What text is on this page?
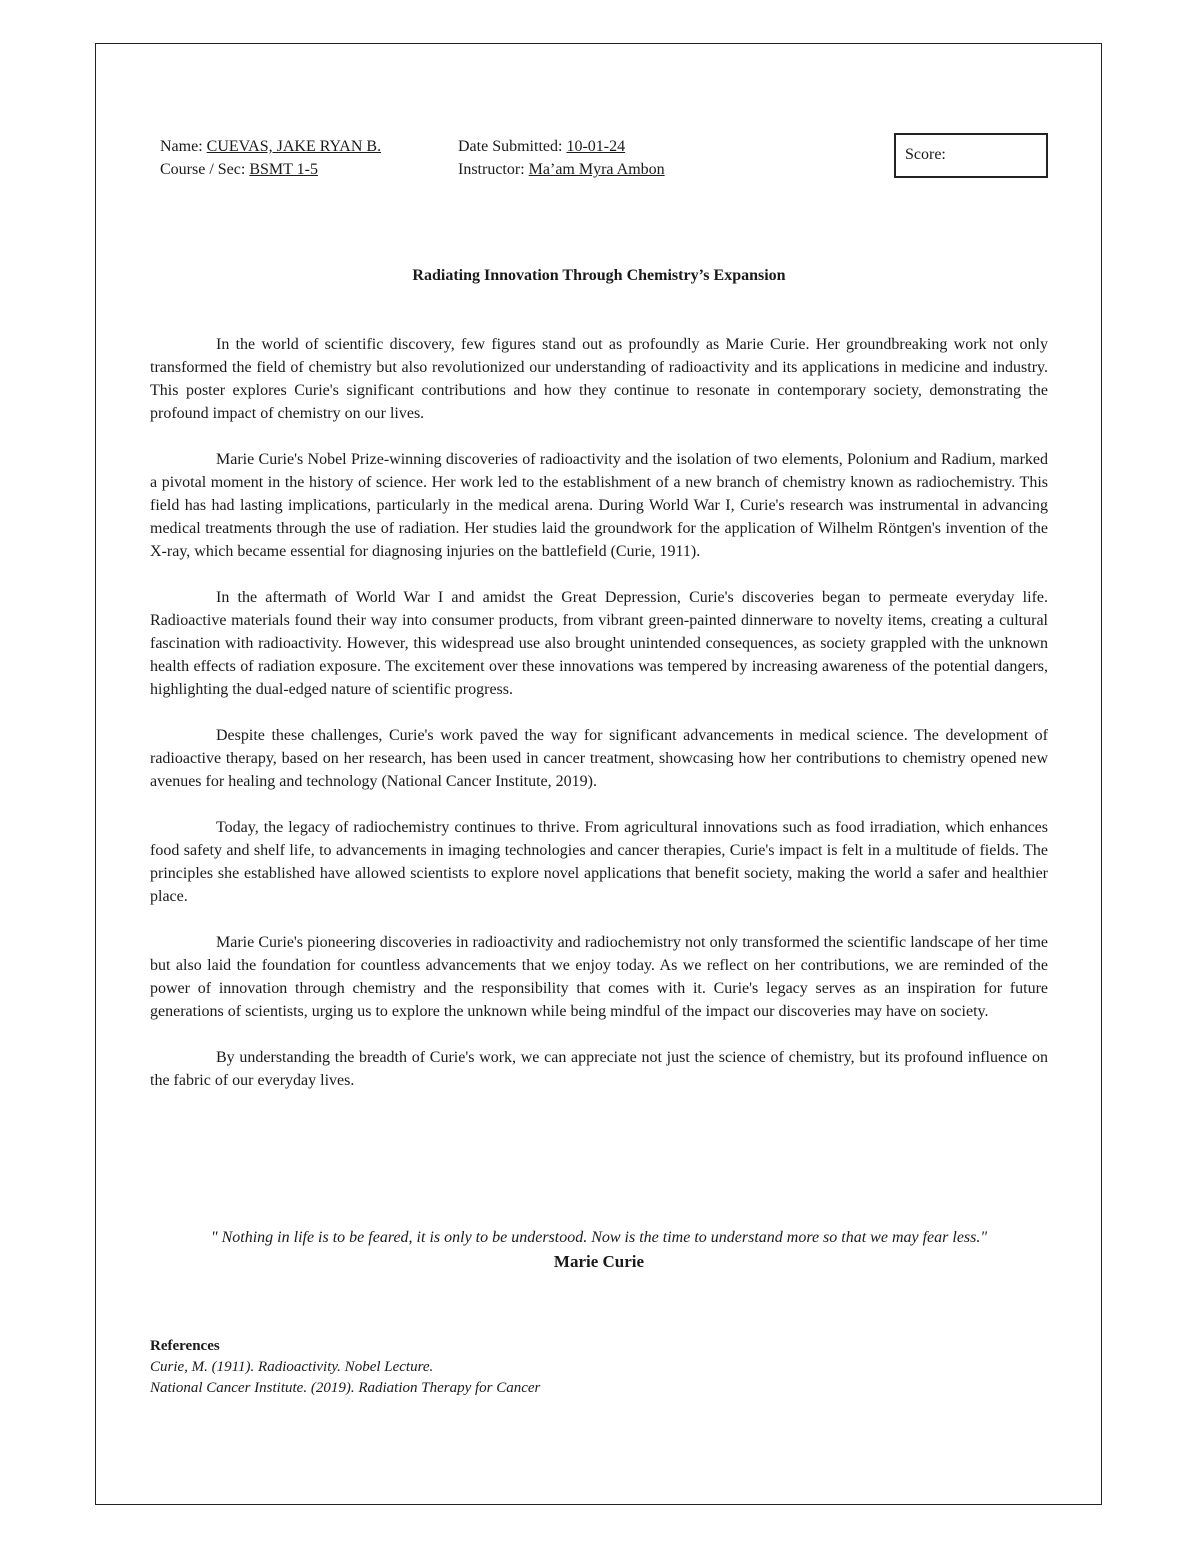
Name: CUEVAS, JAKE RYAN B.
Course / Sec: BSMT 1-5
Date Submitted: 10-01-24
Instructor: Ma’am Myra Ambon
Score:
Radiating Innovation Through Chemistry’s Expansion

In the world of scientific discovery, few figures stand out as profoundly as Marie Curie. Her groundbreaking work not only transformed the field of chemistry but also revolutionized our understanding of radioactivity and its applications in medicine and industry. This poster explores Curie's significant contributions and how they continue to resonate in contemporary society, demonstrating the profound impact of chemistry on our lives.

Marie Curie's Nobel Prize-winning discoveries of radioactivity and the isolation of two elements, Polonium and Radium, marked a pivotal moment in the history of science. Her work led to the establishment of a new branch of chemistry known as radiochemistry. This field has had lasting implications, particularly in the medical arena. During World War I, Curie's research was instrumental in advancing medical treatments through the use of radiation. Her studies laid the groundwork for the application of Wilhelm Röntgen's invention of the X-ray, which became essential for diagnosing injuries on the battlefield (Curie, 1911).

In the aftermath of World War I and amidst the Great Depression, Curie's discoveries began to permeate everyday life. Radioactive materials found their way into consumer products, from vibrant green-painted dinnerware to novelty items, creating a cultural fascination with radioactivity. However, this widespread use also brought unintended consequences, as society grappled with the unknown health effects of radiation exposure. The excitement over these innovations was tempered by increasing awareness of the potential dangers, highlighting the dual-edged nature of scientific progress.

Despite these challenges, Curie's work paved the way for significant advancements in medical science. The development of radioactive therapy, based on her research, has been used in cancer treatment, showcasing how her contributions to chemistry opened new avenues for healing and technology (National Cancer Institute, 2019).

Today, the legacy of radiochemistry continues to thrive. From agricultural innovations such as food irradiation, which enhances food safety and shelf life, to advancements in imaging technologies and cancer therapies, Curie's impact is felt in a multitude of fields. The principles she established have allowed scientists to explore novel applications that benefit society, making the world a safer and healthier place.

Marie Curie's pioneering discoveries in radioactivity and radiochemistry not only transformed the scientific landscape of her time but also laid the foundation for countless advancements that we enjoy today. As we reflect on her contributions, we are reminded of the power of innovation through chemistry and the responsibility that comes with it. Curie's legacy serves as an inspiration for future generations of scientists, urging us to explore the unknown while being mindful of the impact our discoveries may have on society.

By understanding the breadth of Curie's work, we can appreciate not just the science of chemistry, but its profound influence on the fabric of our everyday lives.

" Nothing in life is to be feared, it is only to be understood. Now is the time to understand more so that we may fear less."
Marie Curie
References
Curie, M. (1911). Radioactivity. Nobel Lecture.
National Cancer Institute. (2019). Radiation Therapy for Cancer
